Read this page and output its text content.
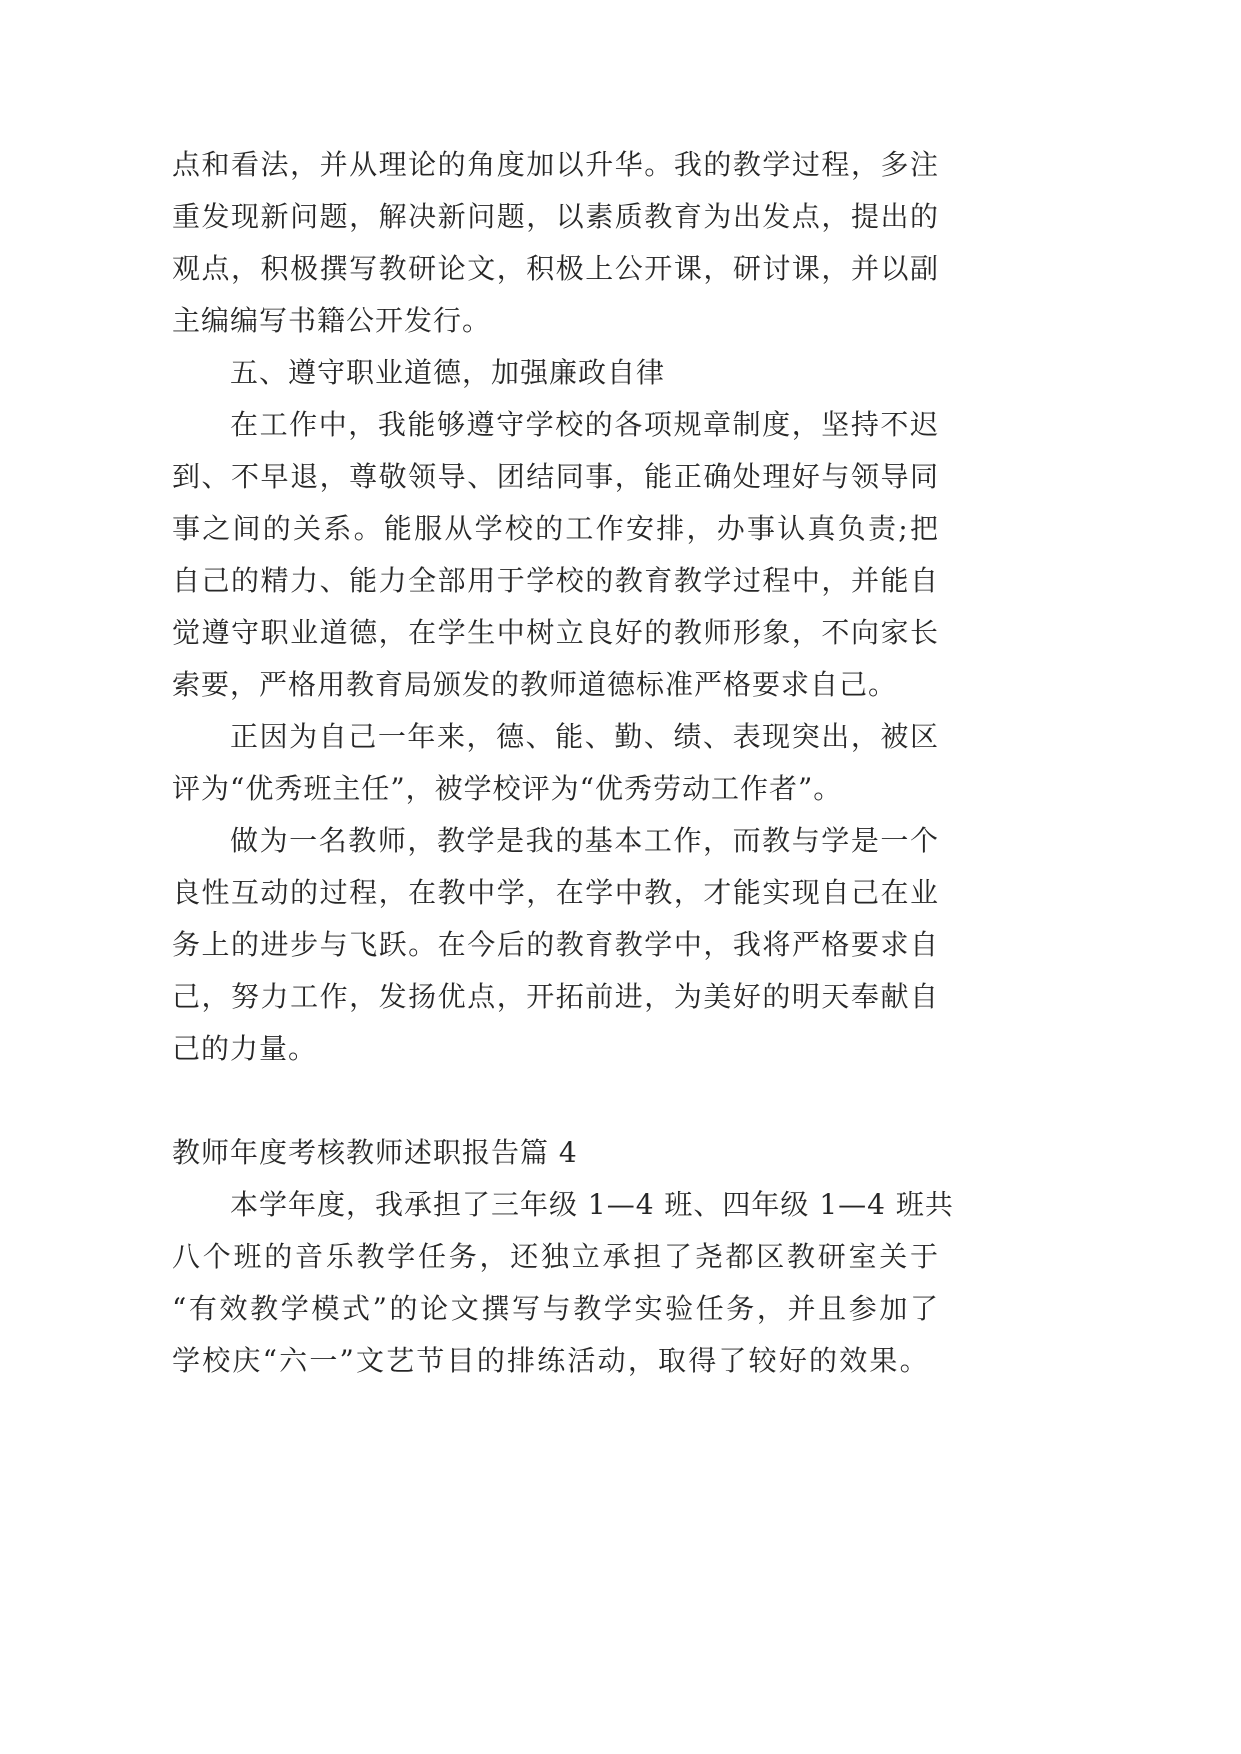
点和看法，并从理论的角度加以升华。我的教学过程，多注
重发现新问题，解决新问题，以素质教育为出发点，提出的
观点，积极撰写教研论文，积极上公开课，研讨课，并以副
主编编写书籍公开发行。
五、遵守职业道德，加强廉政自律
在工作中，我能够遵守学校的各项规章制度，坚持不迟
到、不早退，尊敬领导、团结同事，能正确处理好与领导同
事之间的关系。能服从学校的工作安排，办事认真负责;把
自己的精力、能力全部用于学校的教育教学过程中，并能自
觉遵守职业道德，在学生中树立良好的教师形象，不向家长
索要，严格用教育局颁发的教师道德标准严格要求自己。
正因为自己一年来，德、能、勤、绩、表现突出，被区
评为“优秀班主任”，被学校评为“优秀劳动工作者”。
做为一名教师，教学是我的基本工作，而教与学是一个
良性互动的过程，在教中学，在学中教，才能实现自己在业
务上的进步与飞跃。在今后的教育教学中，我将严格要求自
己，努力工作，发扬优点，开拓前进，为美好的明天奉献自
己的力量。
教师年度考核教师述职报告篇 4
本学年度，我承担了三年级 1—4 班、四年级 1—4 班共
八个班的音乐教学任务，还独立承担了尧都区教研室关于
“有效教学模式”的论文撰写与教学实验任务，并且参加了
学校庆“六一”文艺节目的排练活动，取得了较好的效果。
